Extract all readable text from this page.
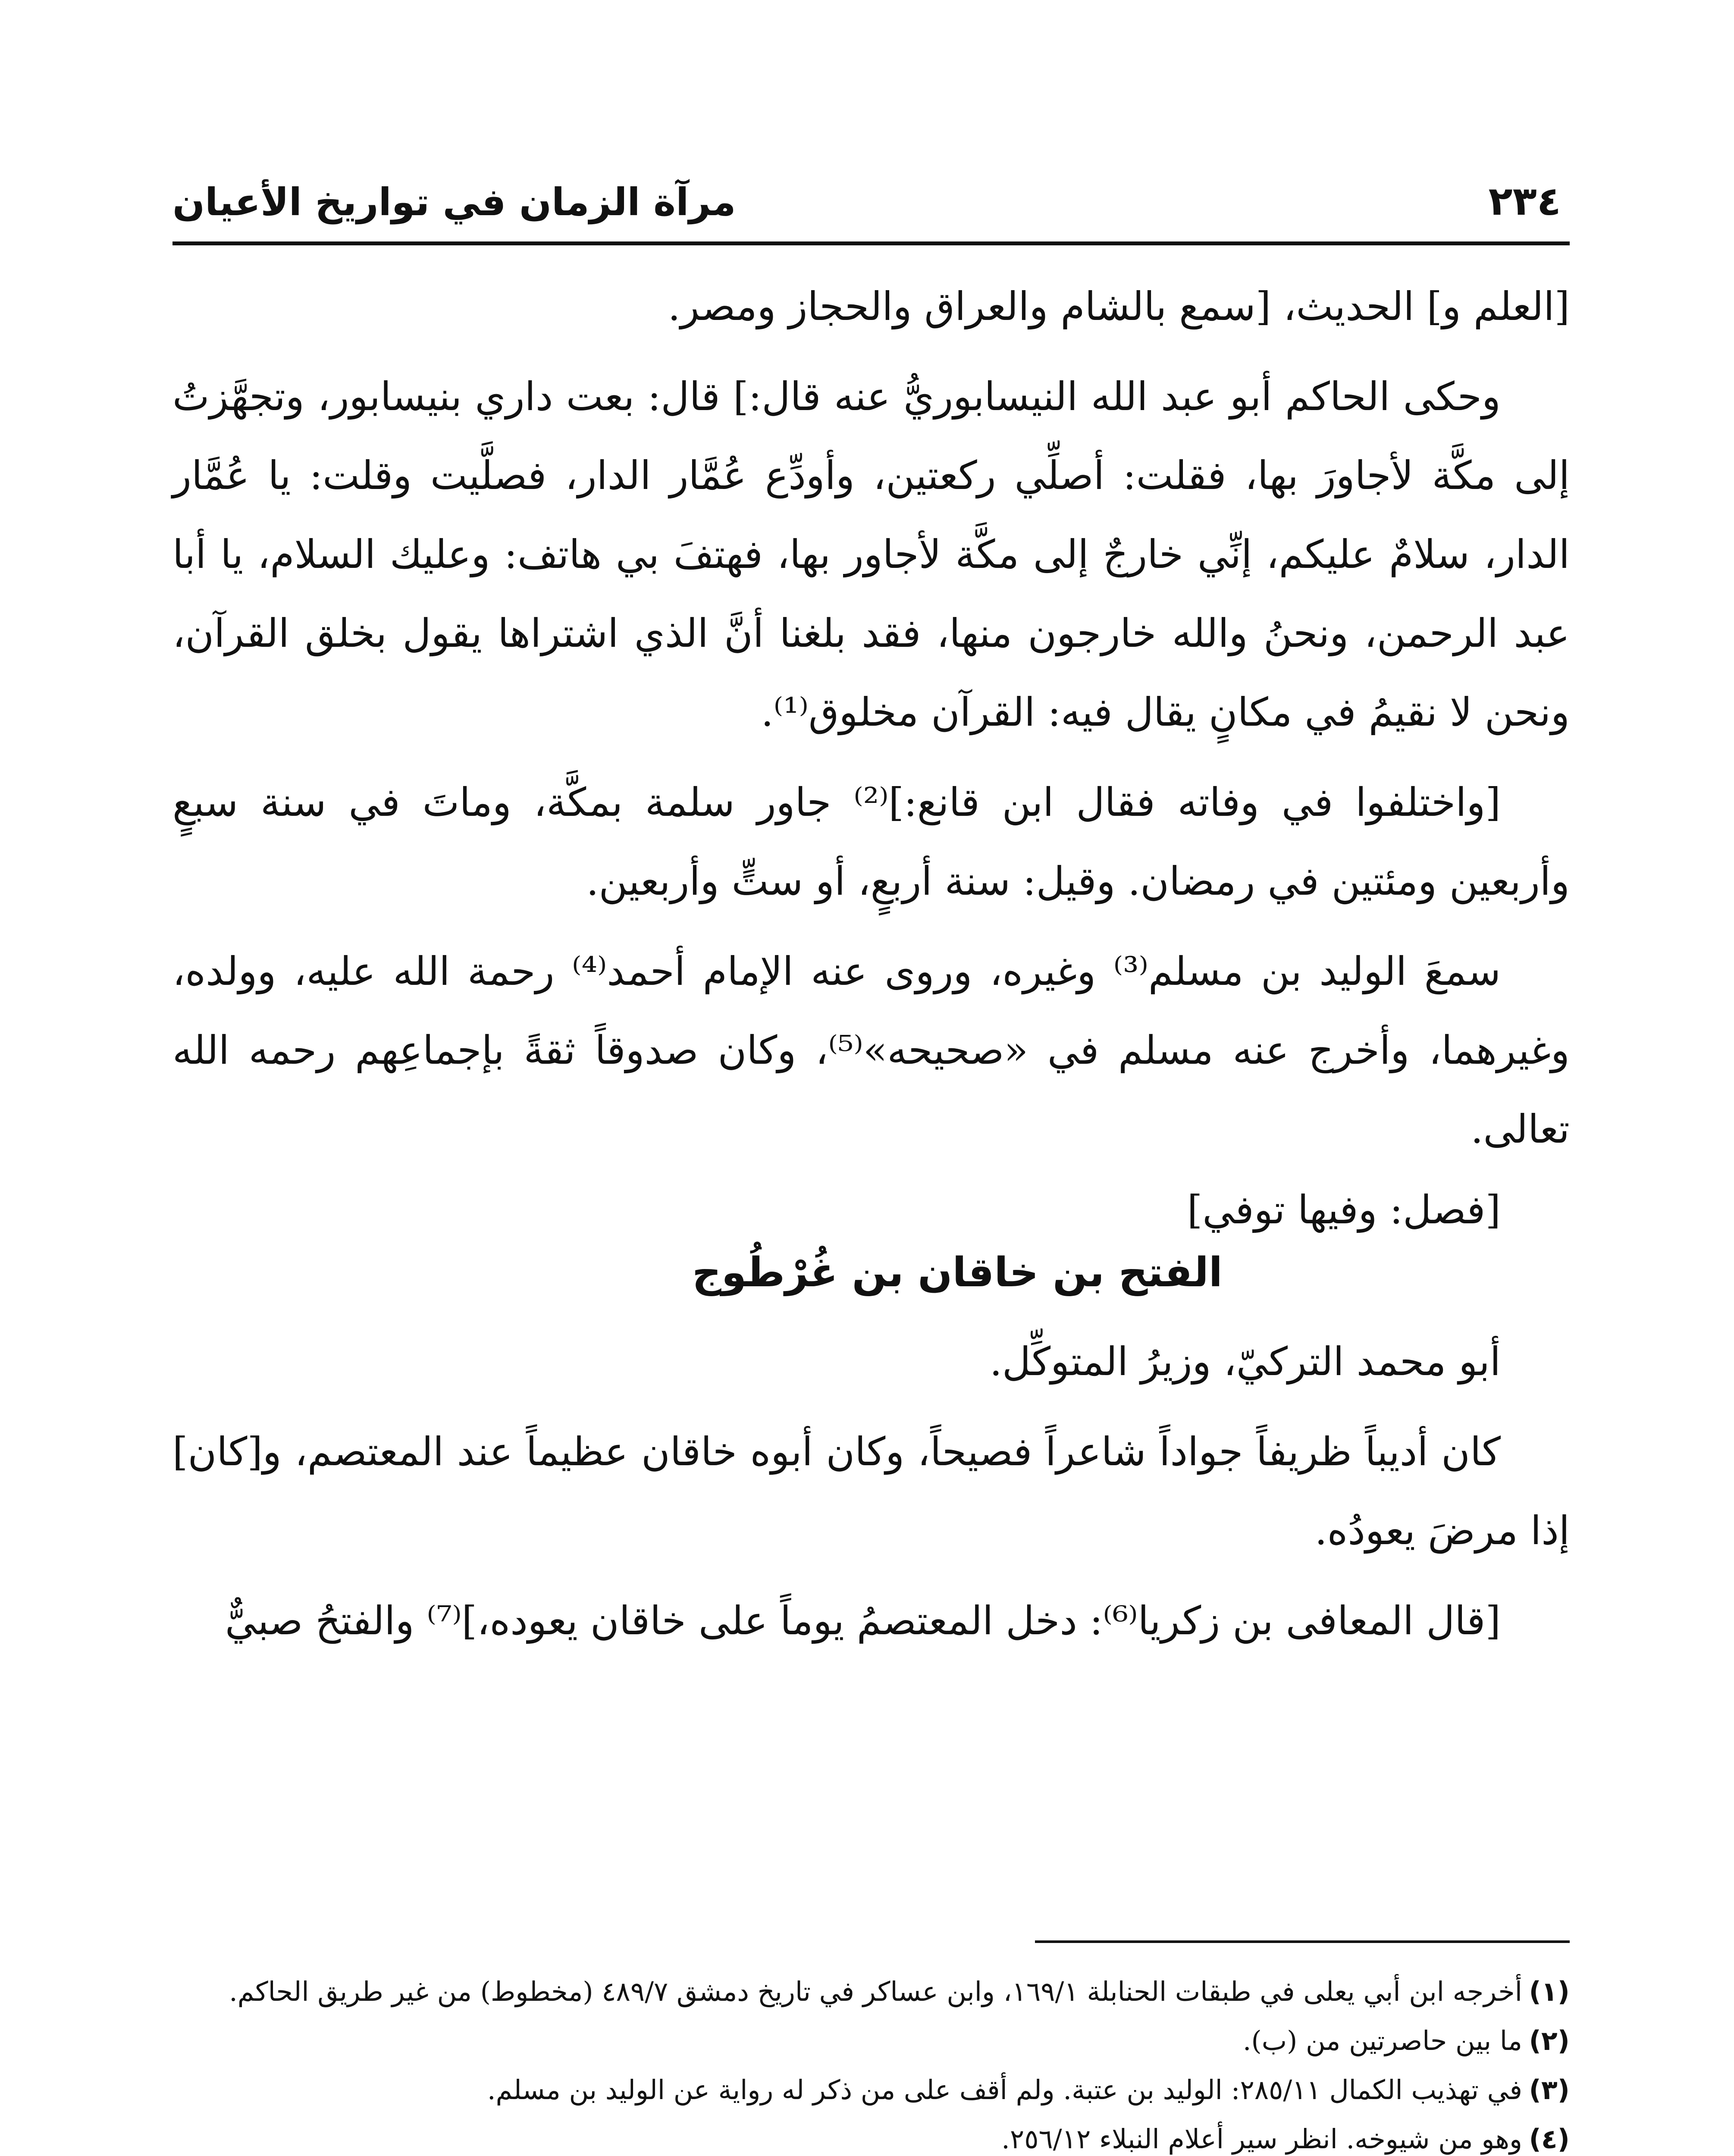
مرآة الزمان في تواريخ الأعيان	٢٣٤

[العلم و] الحديث، [سمع بالشام والعراق والحجاز ومصر.

وحكى الحاكم أبو عبد الله النيسابوريُّ عنه قال:] قال: بعت داري بنيسابور، وتجهَّزتُ إلى مكَّة لأجاورَ بها، فقلت: أصلِّي ركعتين، وأودِّع عُمَّار الدار، فصلَّيت وقلت: يا عُمَّار الدار، سلامٌ عليكم، إنِّي خارجٌ إلى مكَّة لأجاور بها، فهتفَ بي هاتف: وعليك السلام، يا أبا عبد الرحمن، ونحنُ والله خارجون منها، فقد بلغنا أنَّ الذي اشتراها يقول بخلق القرآن، ونحن لا نقيمُ في مكانٍ يقال فيه: القرآن مخلوق⁽¹⁾.

[واختلفوا في وفاته فقال ابن قانع:]⁽²⁾ جاور سلمة بمكَّة، وماتَ في سنة سبعٍ وأربعين ومئتين في رمضان. وقيل: سنة أربعٍ، أو ستٍّ وأربعين.

سمعَ الوليد بن مسلم⁽³⁾ وغيره، وروى عنه الإمام أحمد⁽⁴⁾ رحمة الله عليه، وولده، وغيرهما، وأخرج عنه مسلم في «صحيحه»⁽⁵⁾، وكان صدوقاً ثقةً بإجماعِهم رحمه الله تعالى.

[فصل: وفيها توفي]
الفتح بن خاقان بن غُرْطُوج

أبو محمد التركيّ، وزيرُ المتوكِّل.

كان أديباً ظريفاً جواداً شاعراً فصيحاً، وكان أبوه خاقان عظيماً عند المعتصم، و[كان] إذا مرضَ يعودُه.

[قال المعافى بن زكريا⁽⁶⁾: دخل المعتصمُ يوماً على خاقان يعوده،]⁽⁷⁾ والفتحُ صبيٌّ

(١)أخرجه ابن أبي يعلى في طبقات الحنابلة ١٦٩/١، وابن عساكر في تاريخ دمشق ٤٨٩/٧ (مخطوط) من غير طريق الحاكم.

(٢)ما بين حاصرتين من (ب).

(٣)في تهذيب الكمال ٢٨٥/١١: الوليد بن عتبة. ولم أقف على من ذكر له رواية عن الوليد بن مسلم.

(٤)وهو من شيوخه. انظر سير أعلام النبلاء ٢٥٦/١٢.
